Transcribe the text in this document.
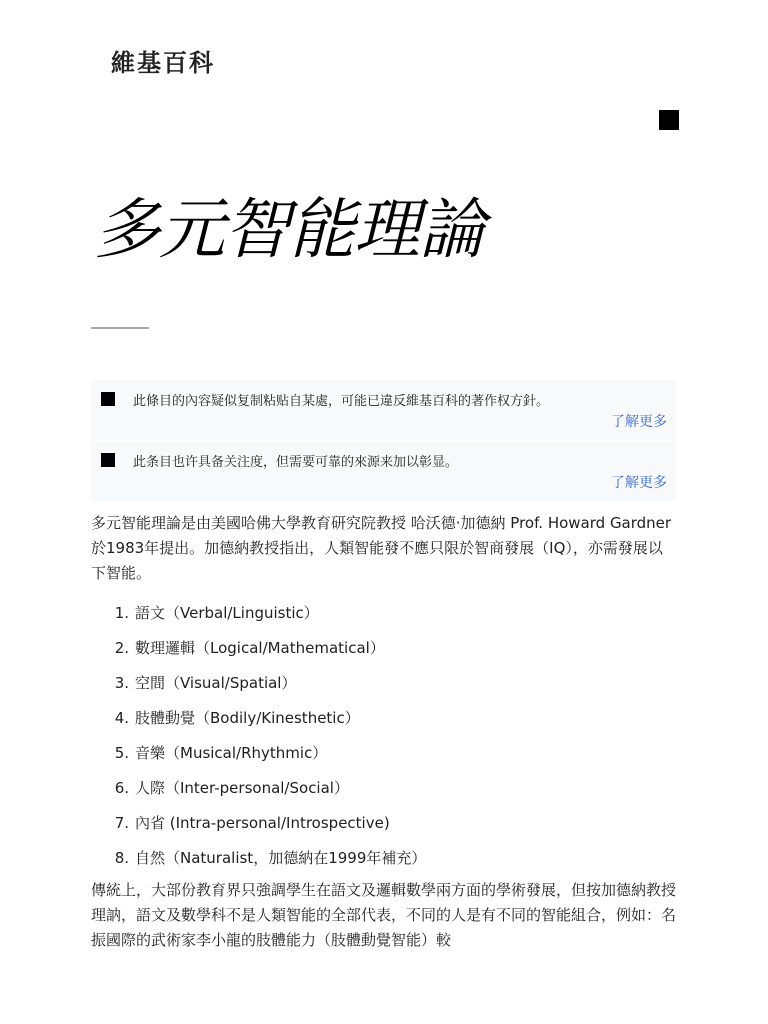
維基百科
多元智能理論
此條目的內容疑似复制粘贴自某處，可能已違反維基百科的著作权方針。
了解更多
此条目也许具备关注度，但需要可靠的來源来加以彰显。
了解更多

多元智能理論是由美國哈佛大學教育研究院教授 哈沃德·加德納 Prof. Howard Gardner 於1983年提出。加德納教授指出，人類智能發不應只限於智商發展（IQ），亦需發展以下智能。

1. 語文（Verbal/Linguistic）
2. 數理邏輯（Logical/Mathematical）
3. 空間（Visual/Spatial）
4. 肢體動覺（Bodily/Kinesthetic）
5. 音樂（Musical/Rhythmic）
6. 人際（Inter-personal/Social）
7. 內省 (Intra-personal/Introspective)
8. 自然（Naturalist，加德納在1999年補充）

傳統上，大部份教育界只強調學生在語文及邏輯數學兩方面的學術發展，但按加德納教授理訥，語文及數學科不是人類智能的全部代表，不同的人是有不同的智能組合，例如：名振國際的武術家李小龍的肢體能力（肢體動覺智能）較
